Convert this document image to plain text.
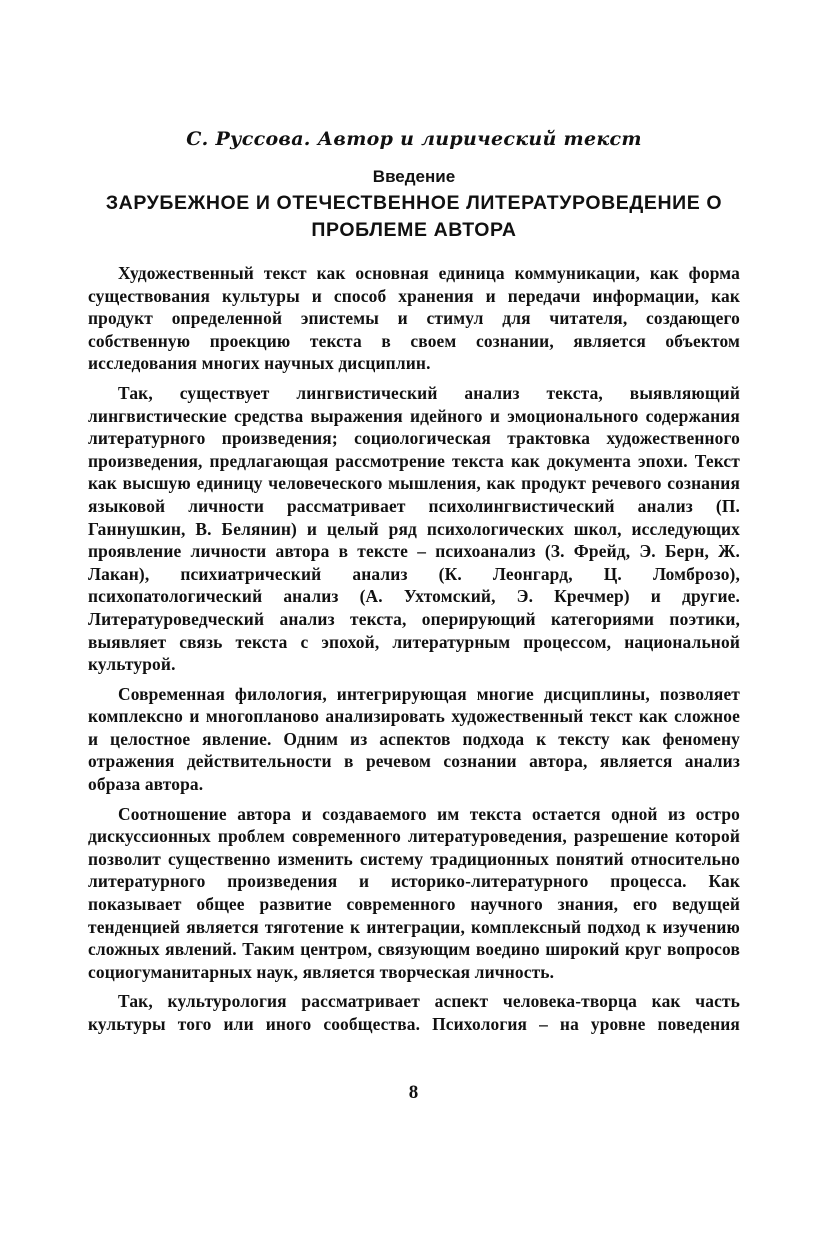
С. Руссова. Автор и лирический текст
Введение
ЗАРУБЕЖНОЕ И ОТЕЧЕСТВЕННОЕ ЛИТЕРАТУРОВЕДЕНИЕ О ПРОБЛЕМЕ АВТОРА

Художественный текст как основная единица коммуникации, как форма существования культуры и способ хранения и передачи информации, как продукт определенной эпистемы и стимул для читателя, создающего собственную проекцию текста в своем сознании, является объектом исследования многих научных дисциплин.

Так, существует лингвистический анализ текста, выявляющий лингвистические средства выражения идейного и эмоционального содержания литературного произведения; социологическая трактовка художественного произведения, предлагающая рассмотрение текста как документа эпохи. Текст как высшую единицу человеческого мышления, как продукт речевого сознания языковой личности рассматривает психолингвистический анализ (П. Ганнушкин, В. Белянин) и целый ряд психологических школ, исследующих проявление личности автора в тексте – психоанализ (З. Фрейд, Э. Берн, Ж. Лакан), психиатрический анализ (К. Леонгард, Ц. Ломброзо), психопатологический анализ (А. Ухтомский, Э. Кречмер) и другие. Литературоведческий анализ текста, оперирующий категориями поэтики, выявляет связь текста с эпохой, литературным процессом, национальной культурой.

Современная филология, интегрирующая многие дисциплины, позволяет комплексно и многопланово анализировать художественный текст как сложное и целостное явление. Одним из аспектов подхода к тексту как феномену отражения действительности в речевом сознании автора, является анализ образа автора.

Соотношение автора и создаваемого им текста остается одной из остро дискуссионных проблем современного литературоведения, разрешение которой позволит существенно изменить систему традиционных понятий относительно литературного произведения и историко-литературного процесса. Как показывает общее развитие современного научного знания, его ведущей тенденцией является тяготение к интеграции, комплексный подход к изучению сложных явлений. Таким центром, связующим воедино широкий круг вопросов социогуманитарных наук, является творческая личность.

Так, культурология рассматривает аспект человека-творца как часть культуры того или иного сообщества. Психология – на уровне поведения

8
